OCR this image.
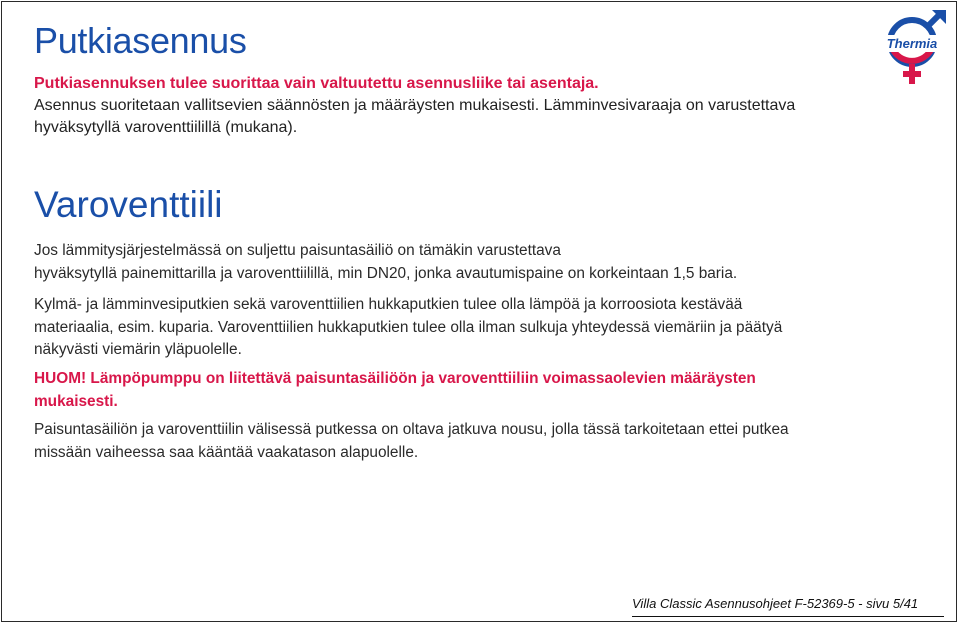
Putkiasennus	Thermia
Putkiasennuksen tulee suorittaa vain valtuutettu asennusliike tai asentaja.
Asennus suoritetaan vallitsevien säännösten ja määräysten mukaisesti. Lämminvesivaraaja on varustettava
hyväksytyllä varoventtiilillä (mukana).
Varoventtiili
Jos lämmitysjärjestelmässä on suljettu paisuntasäiliö on tämäkin varustettava
hyväksytyllä painemittarilla ja varoventtiilillä, min DN20, jonka avautumispaine on korkeintaan 1,5 baria.
Kylmä- ja lämminvesiputkien sekä varoventtiilien hukkaputkien tulee olla lämpöä ja korroosiota kestävää
materiaalia, esim. kuparia. Varoventtiilien hukkaputkien tulee olla ilman sulkuja yhteydessä viemäriin ja päätyä
näkyvästi viemärin yläpuolelle.
HUOM! Lämpöpumppu on liitettävä paisuntasäiliöön ja varoventtiiliin voimassaolevien määräysten
mukaisesti.
Paisuntasäiliön ja varoventtiilin välisessä putkessa on oltava jatkuva nousu, jolla tässä tarkoitetaan ettei putkea
missään vaiheessa saa kääntää vaakatason alapuolelle.
Villa Classic Asennusohjeet F-52369-5 - sivu 5/41
